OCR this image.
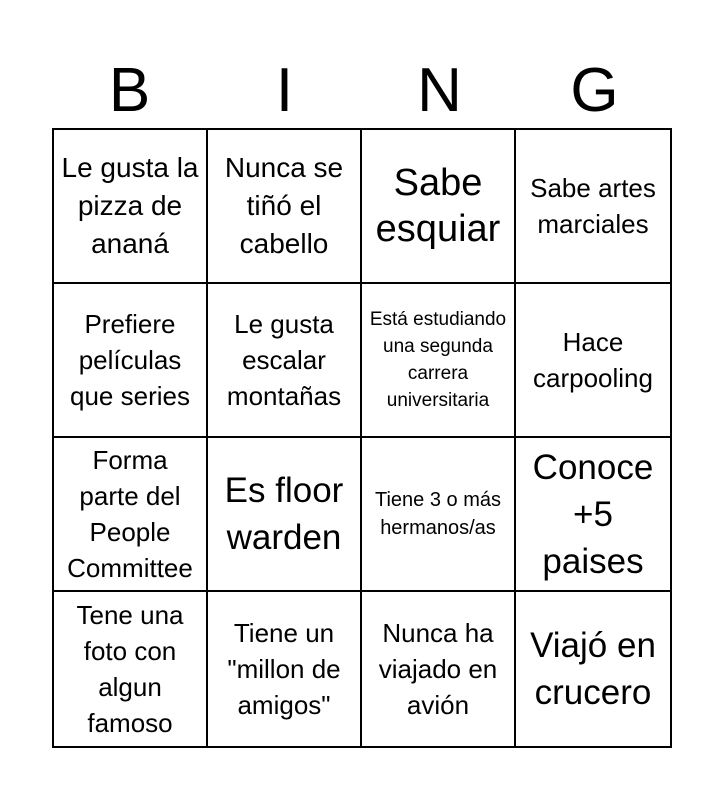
B	I	N	G
Le gusta la pizza de ananá
Nunca se tiñó el cabello
Sabe esquiar
Sabe artes marciales
Prefiere películas que series
Le gusta escalar montañas
Está estudiando una segunda carrera universitaria
Hace carpooling
Forma parte del People Committee
Es floor warden
Tiene 3 o más hermanos/as
Conoce +5 paises
Tene una foto con algun famoso
Tiene un "millon de amigos"
Nunca ha viajado en avión
Viajó en crucero
